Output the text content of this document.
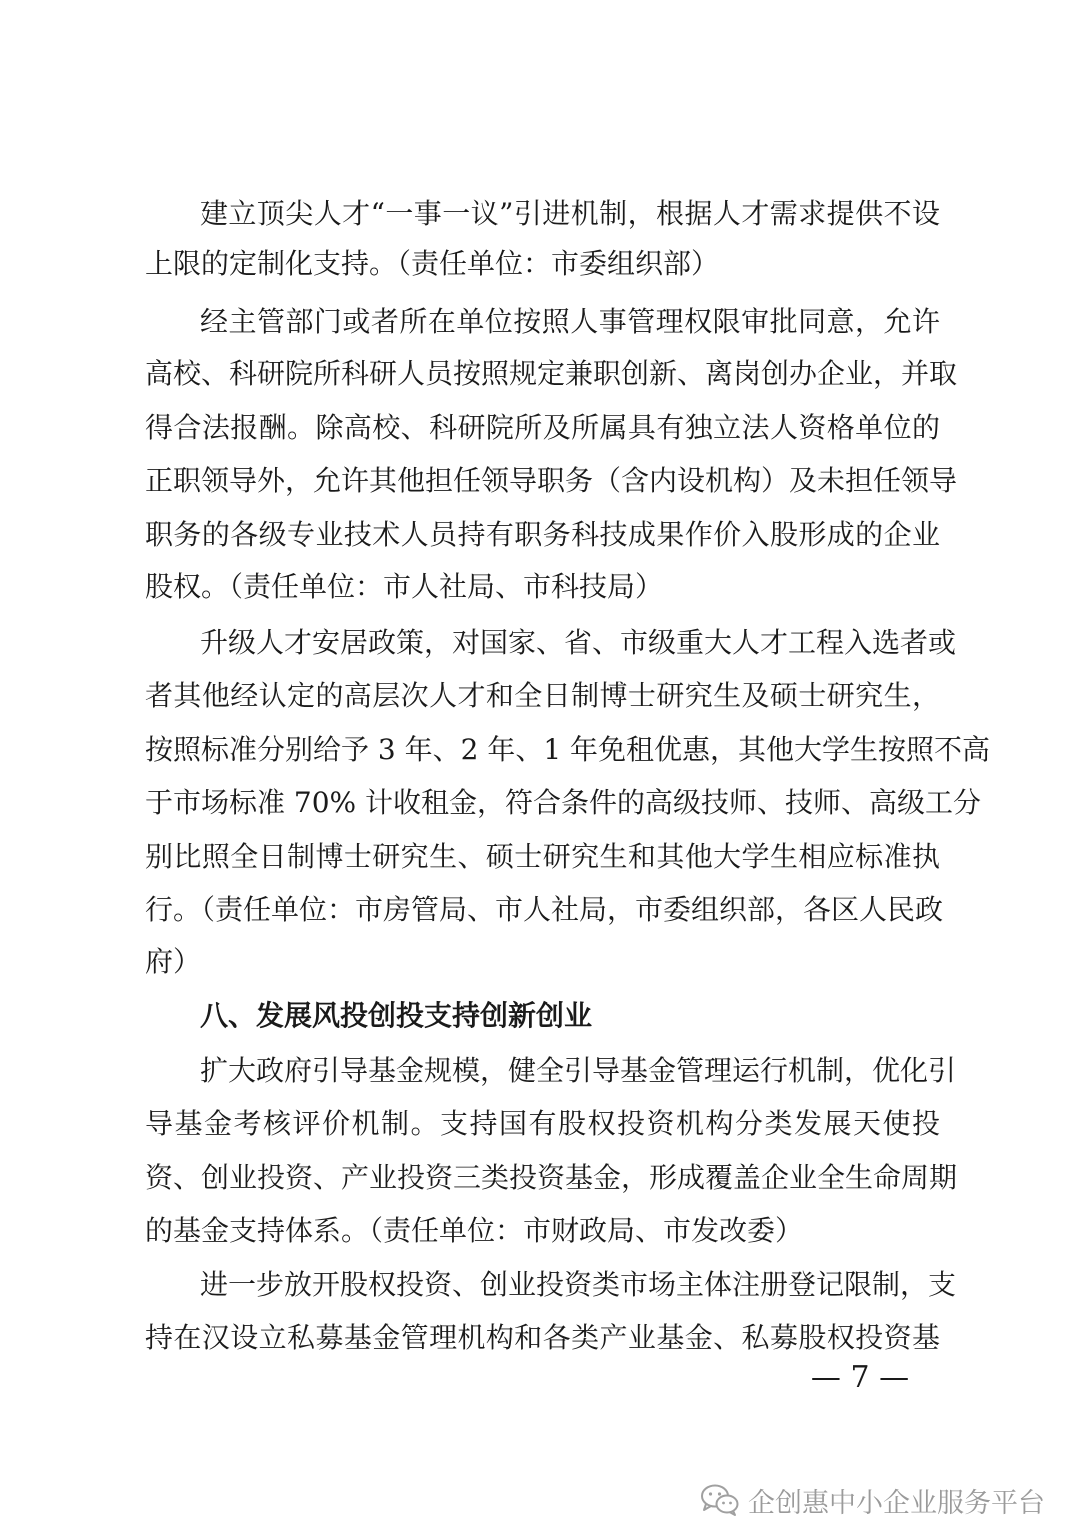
建立顶尖人才“一事一议”引进机制，根据人才需求提供不设
上限的定制化支持。（责任单位：市委组织部）
经主管部门或者所在单位按照人事管理权限审批同意，允许
高校、科研院所科研人员按照规定兼职创新、离岗创办企业，并取
得合法报酬。除高校、科研院所及所属具有独立法人资格单位的
正职领导外，允许其他担任领导职务（含内设机构）及未担任领导
职务的各级专业技术人员持有职务科技成果作价入股形成的企业
股权。（责任单位：市人社局、市科技局）
升级人才安居政策，对国家、省、市级重大人才工程入选者或
者其他经认定的高层次人才和全日制博士研究生及硕士研究生，
按照标准分别给予 3 年、2 年、1 年免租优惠，其他大学生按照不高
于市场标准 70% 计收租金，符合条件的高级技师、技师、高级工分
别比照全日制博士研究生、硕士研究生和其他大学生相应标准执
行。（责任单位：市房管局、市人社局，市委组织部，各区人民政
府）
八、发展风投创投支持创新创业
扩大政府引导基金规模，健全引导基金管理运行机制，优化引
导基金考核评价机制。支持国有股权投资机构分类发展天使投
资、创业投资、产业投资三类投资基金，形成覆盖企业全生命周期
的基金支持体系。（责任单位：市财政局、市发改委）
进一步放开股权投资、创业投资类市场主体注册登记限制，支
持在汉设立私募基金管理机构和各类产业基金、私募股权投资基
— 7 —
企创惠中小企业服务平台
